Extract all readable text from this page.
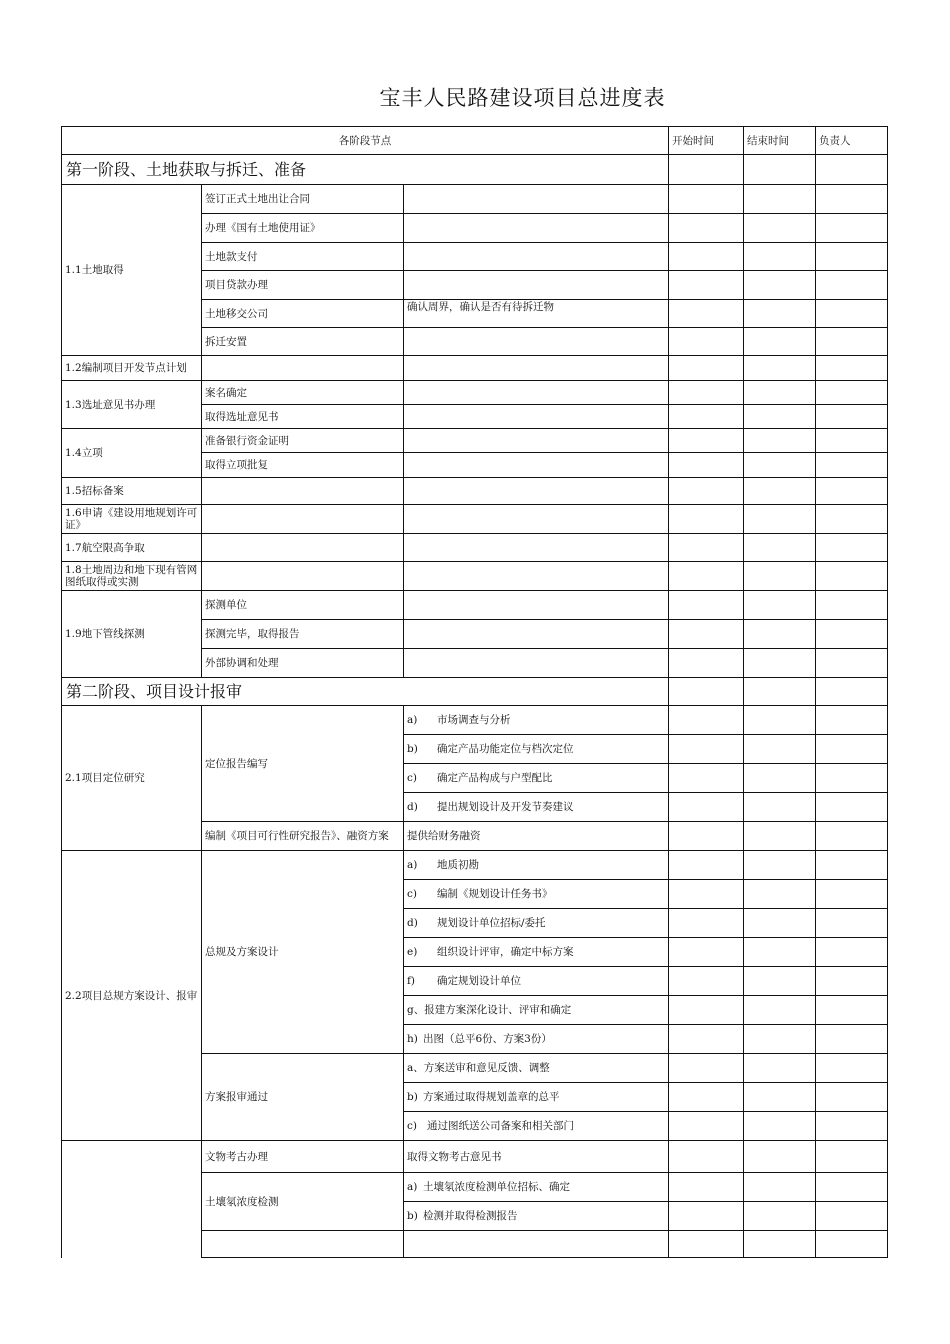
宝丰人民路建设项目总进度表
各阶段节点			开始时间	结束时间	负责人
第一阶段、土地获取与拆迁、准备					
1.1土地取得	签订正式土地出让合同				
	办理《国有土地使用证》				
	土地款支付				
	项目贷款办理				
	土地移交公司	确认周界，确认是否有待拆迁物			
	拆迁安置				
1.2编制项目开发节点计划					
1.3选址意见书办理	案名确定				
	取得选址意见书				
1.4立项	准备银行资金证明				
	取得立项批复				
1.5招标备案					
1.6申请《建设用地规划许可证》					
1.7航空限高争取					
1.8土地周边和地下现有管网图纸取得或实测					
1.9地下管线探测	探测单位				
	探测完毕，取得报告				
	外部协调和处理				
第二阶段、项目设计报审					
2.1项目定位研究	定位报告编写	a) 市场调查与分析			
		b) 确定产品功能定位与档次定位			
		c) 确定产品构成与户型配比			
		d) 提出规划设计及开发节奏建议			
	编制《项目可行性研究报告》、融资方案	提供给财务融资			
2.2项目总规方案设计、报审	总规及方案设计	a) 地质初勘			
		c) 编制《规划设计任务书》			
		d) 规划设计单位招标/委托			
		e) 组织设计评审，确定中标方案			
		f) 确定规划设计单位			
		g、报建方案深化设计、评审和确定			
		h) 出图（总平6份、方案3份）			
	方案报审通过	a、方案送审和意见反馈、调整			
		b) 方案通过取得规划盖章的总平			
		c) 通过图纸送公司备案和相关部门			
	文物考古办理	取得文物考古意见书			
	土壤氡浓度检测	a) 土壤氡浓度检测单位招标、确定			
		b) 检测并取得检测报告			
